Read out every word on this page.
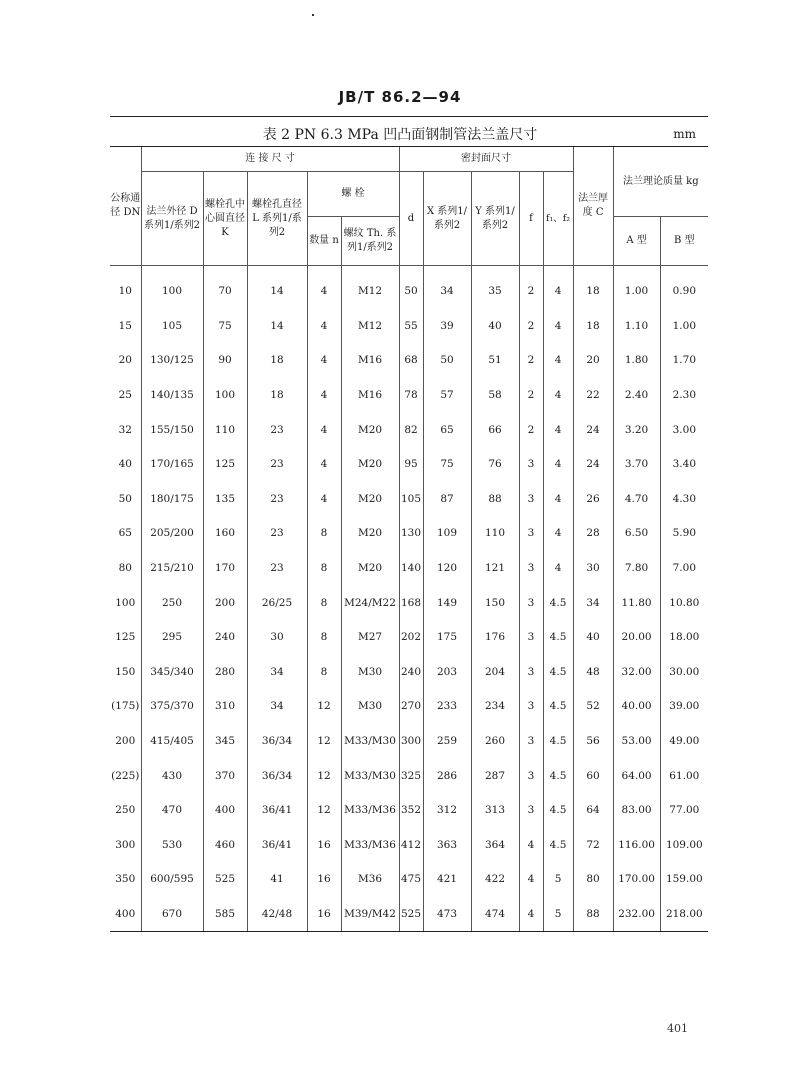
JB/T 86.2—94
表 2 PN 6.3 MPa 凹凸面钢制管法兰盖尺寸	mm
公称通径 DN	连 接 尺 寸					密封面尺寸					法兰厚度 C	法兰理论质量 kg	
	法兰外径 D 系列1/系列2	螺栓孔中心圆直径 K	螺栓孔直径 L 系列1/系列2	螺 栓		d	X 系列1/系列2	Y 系列1/系列2	f	f₁、f₂			
				数量 n	螺纹 Th. 系列1/系列2							A 型	B 型
10	100	70	14	4	M12	50	34	35	2	4	18	1.00	0.90
15	105	75	14	4	M12	55	39	40	2	4	18	1.10	1.00
20	130/125	90	18	4	M16	68	50	51	2	4	20	1.80	1.70
25	140/135	100	18	4	M16	78	57	58	2	4	22	2.40	2.30
32	155/150	110	23	4	M20	82	65	66	2	4	24	3.20	3.00
40	170/165	125	23	4	M20	95	75	76	3	4	24	3.70	3.40
50	180/175	135	23	4	M20	105	87	88	3	4	26	4.70	4.30
65	205/200	160	23	8	M20	130	109	110	3	4	28	6.50	5.90
80	215/210	170	23	8	M20	140	120	121	3	4	30	7.80	7.00
100	250	200	26/25	8	M24/M22	168	149	150	3	4.5	34	11.80	10.80
125	295	240	30	8	M27	202	175	176	3	4.5	40	20.00	18.00
150	345/340	280	34	8	M30	240	203	204	3	4.5	48	32.00	30.00
(175)	375/370	310	34	12	M30	270	233	234	3	4.5	52	40.00	39.00
200	415/405	345	36/34	12	M33/M30	300	259	260	3	4.5	56	53.00	49.00
(225)	430	370	36/34	12	M33/M30	325	286	287	3	4.5	60	64.00	61.00
250	470	400	36/41	12	M33/M36	352	312	313	3	4.5	64	83.00	77.00
300	530	460	36/41	16	M33/M36	412	363	364	4	4.5	72	116.00	109.00
350	600/595	525	41	16	M36	475	421	422	4	5	80	170.00	159.00
400	670	585	42/48	16	M39/M42	525	473	474	4	5	88	232.00	218.00
401
